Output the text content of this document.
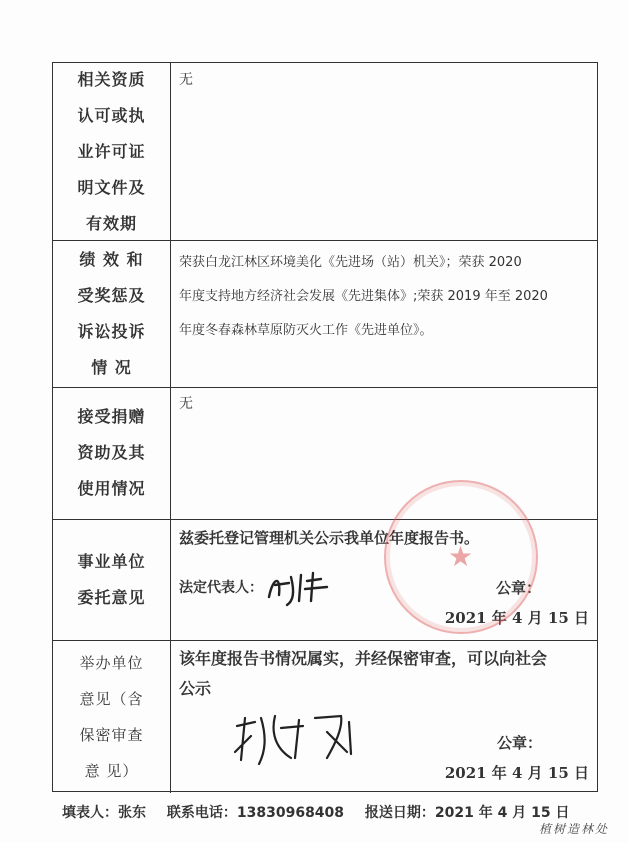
相关资质
认可或执
业许可证
明文件及
有效期
无
绩 效 和
受奖惩及
诉讼投诉
情 况
荣获白龙江林区环境美化《先进场（站）机关》；荣获 2020
年度支持地方经济社会发展《先进集体》;荣获 2019 年至 2020
年度冬春森林草原防灭火工作《先进单位》。
接受捐赠
资助及其
使用情况
无
事业单位
委托意见
兹委托登记管理机关公示我单位年度报告书。
法定代表人：	公章：
2021 年 4 月 15 日
举办单位
意见（含
保密审查
意 见）
该年度报告书情况属实，并经保密审查，可以向社会
公示
公章：
2021 年 4 月 15 日
★
填表人：张东 联系电话：13830968408 报送日期：2021 年 4 月 15 日
植树造林处
